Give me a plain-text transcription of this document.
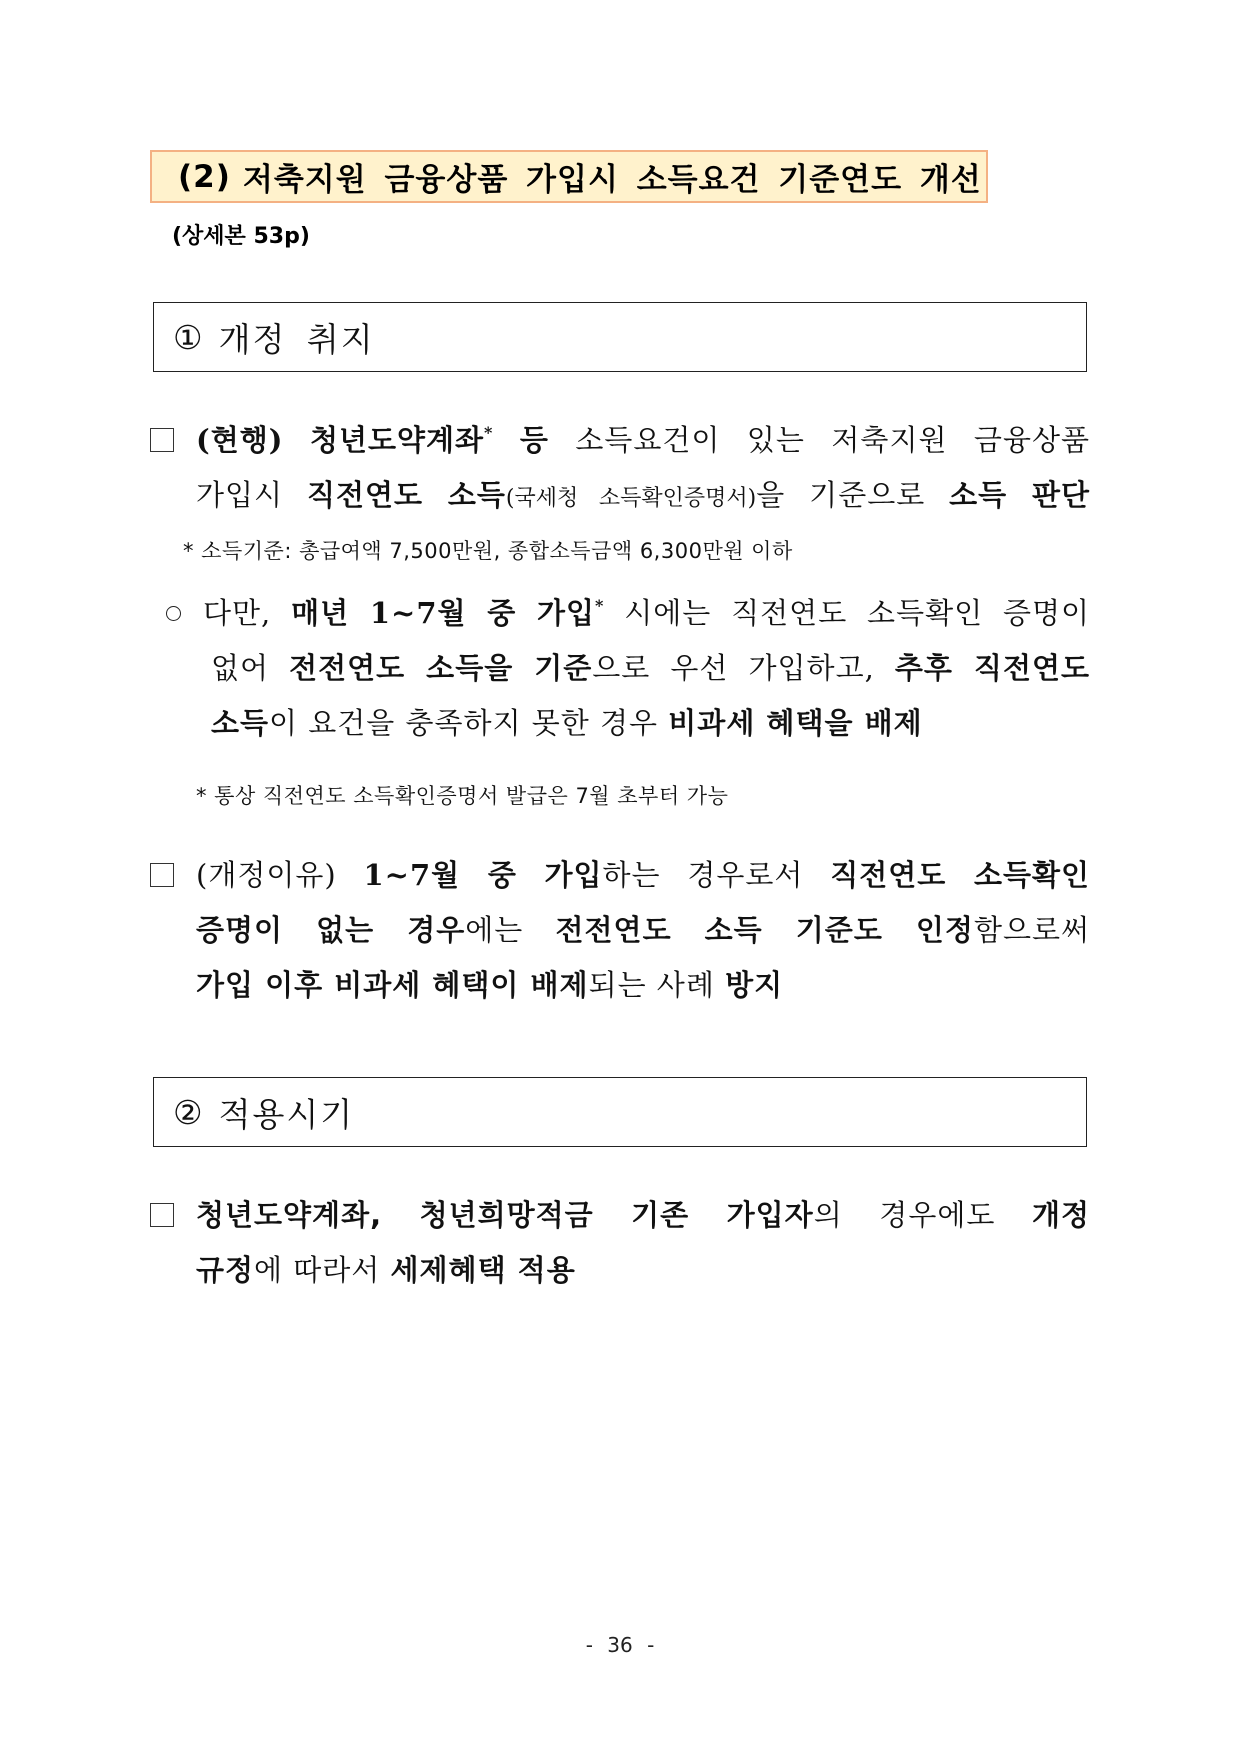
(2) 저축지원 금융상품 가입시 소득요건 기준연도 개선
(상세본 53p)
① 개정 취지
(현행) 청년도약계좌* 등 소득요건이 있는 저축지원 금융상품
가입시 직전연도 소득(국세청 소득확인증명서)을 기준으로 소득 판단
* 소득기준: 총급여액 7,500만원, 종합소득금액 6,300만원 이하
다만, 매년 1~7월 중 가입* 시에는 직전연도 소득확인 증명이
없어 전전연도 소득을 기준으로 우선 가입하고, 추후 직전연도
소득이 요건을 충족하지 못한 경우 비과세 혜택을 배제
* 통상 직전연도 소득확인증명서 발급은 7월 초부터 가능
(개정이유) 1~7월 중 가입하는 경우로서 직전연도 소득확인
증명이 없는 경우에는 전전연도 소득 기준도 인정함으로써
가입 이후 비과세 혜택이 배제되는 사례 방지
② 적용시기
청년도약계좌, 청년희망적금 기존 가입자의 경우에도 개정
규정에 따라서 세제혜택 적용
- 36 -
